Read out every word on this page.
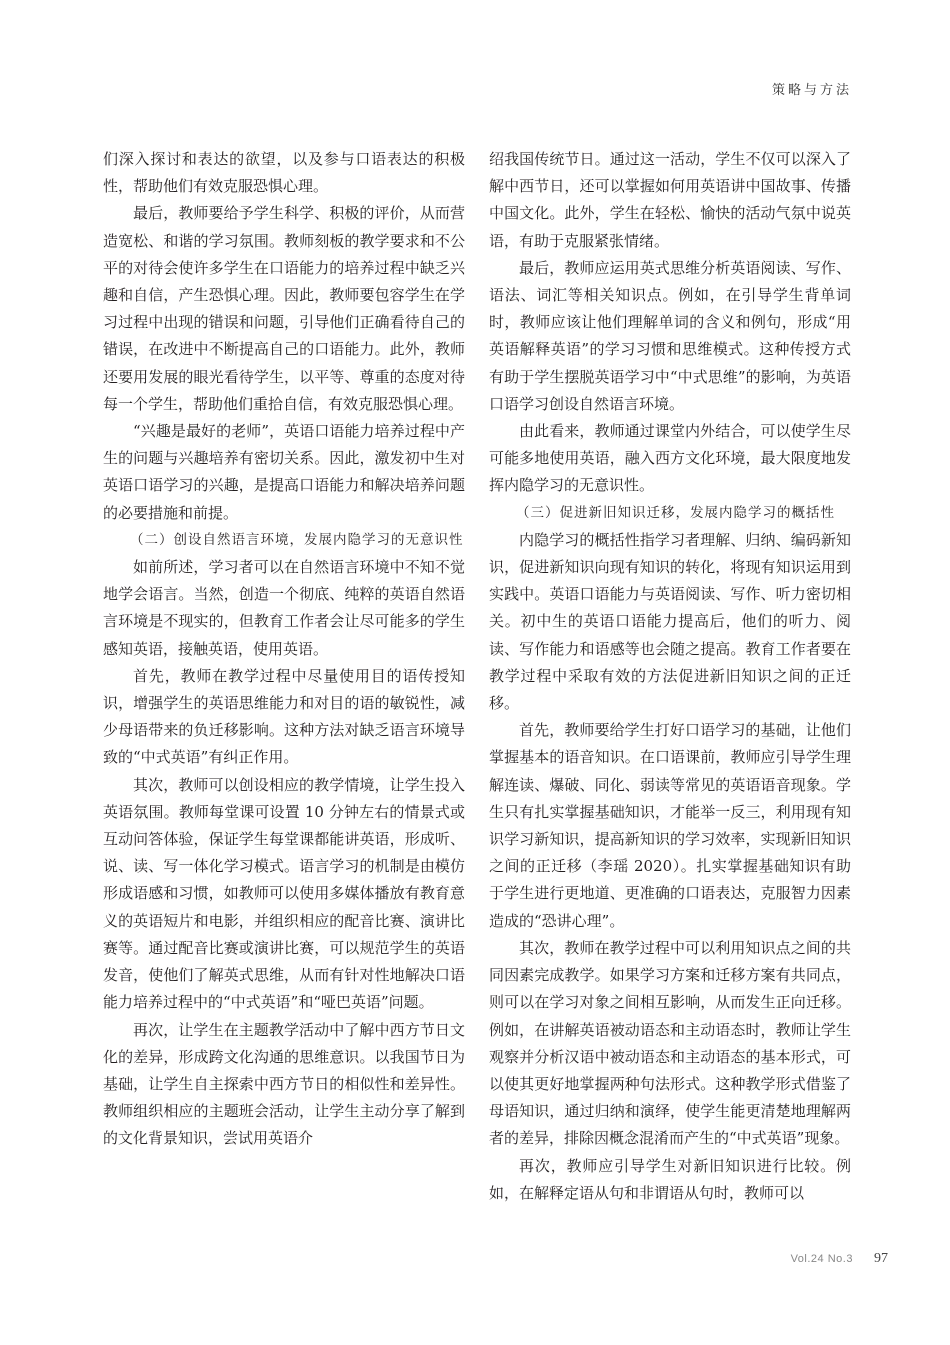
策略与方法

们深入探讨和表达的欲望，以及参与口语表达的积极性，帮助他们有效克服恐惧心理。

最后，教师要给予学生科学、积极的评价，从而营造宽松、和谐的学习氛围。教师刻板的教学要求和不公平的对待会使许多学生在口语能力的培养过程中缺乏兴趣和自信，产生恐惧心理。因此，教师要包容学生在学习过程中出现的错误和问题，引导他们正确看待自己的错误，在改进中不断提高自己的口语能力。此外，教师还要用发展的眼光看待学生，以平等、尊重的态度对待每一个学生，帮助他们重拾自信，有效克服恐惧心理。

“兴趣是最好的老师”，英语口语能力培养过程中产生的问题与兴趣培养有密切关系。因此，激发初中生对英语口语学习的兴趣，是提高口语能力和解决培养问题的必要措施和前提。

（二）创设自然语言环境，发展内隐学习的无意识性

如前所述，学习者可以在自然语言环境中不知不觉地学会语言。当然，创造一个彻底、纯粹的英语自然语言环境是不现实的，但教育工作者会让尽可能多的学生感知英语，接触英语，使用英语。

首先，教师在教学过程中尽量使用目的语传授知识，增强学生的英语思维能力和对目的语的敏锐性，减少母语带来的负迁移影响。这种方法对缺乏语言环境导致的“中式英语”有纠正作用。

其次，教师可以创设相应的教学情境，让学生投入英语氛围。教师每堂课可设置 10 分钟左右的情景式或互动问答体验，保证学生每堂课都能讲英语，形成听、说、读、写一体化学习模式。语言学习的机制是由模仿形成语感和习惯，如教师可以使用多媒体播放有教育意义的英语短片和电影，并组织相应的配音比赛、演讲比赛等。通过配音比赛或演讲比赛，可以规范学生的英语发音，使他们了解英式思维，从而有针对性地解决口语能力培养过程中的“中式英语”和“哑巴英语”问题。

再次，让学生在主题教学活动中了解中西方节日文化的差异，形成跨文化沟通的思维意识。以我国节日为基础，让学生自主探索中西方节日的相似性和差异性。教师组织相应的主题班会活动，让学生主动分享了解到的文化背景知识，尝试用英语介

绍我国传统节日。通过这一活动，学生不仅可以深入了解中西节日，还可以掌握如何用英语讲中国故事、传播中国文化。此外，学生在轻松、愉快的活动气氛中说英语，有助于克服紧张情绪。

最后，教师应运用英式思维分析英语阅读、写作、语法、词汇等相关知识点。例如，在引导学生背单词时，教师应该让他们理解单词的含义和例句，形成“用英语解释英语”的学习习惯和思维模式。这种传授方式有助于学生摆脱英语学习中“中式思维”的影响，为英语口语学习创设自然语言环境。

由此看来，教师通过课堂内外结合，可以使学生尽可能多地使用英语，融入西方文化环境，最大限度地发挥内隐学习的无意识性。

（三）促进新旧知识迁移，发展内隐学习的概括性

内隐学习的概括性指学习者理解、归纳、编码新知识，促进新知识向现有知识的转化，将现有知识运用到实践中。英语口语能力与英语阅读、写作、听力密切相关。初中生的英语口语能力提高后，他们的听力、阅读、写作能力和语感等也会随之提高。教育工作者要在教学过程中采取有效的方法促进新旧知识之间的正迁移。

首先，教师要给学生打好口语学习的基础，让他们掌握基本的语音知识。在口语课前，教师应引导学生理解连读、爆破、同化、弱读等常见的英语语音现象。学生只有扎实掌握基础知识，才能举一反三，利用现有知识学习新知识，提高新知识的学习效率，实现新旧知识之间的正迁移（李瑶 2020）。扎实掌握基础知识有助于学生进行更地道、更准确的口语表达，克服智力因素造成的“恐讲心理”。

其次，教师在教学过程中可以利用知识点之间的共同因素完成教学。如果学习方案和迁移方案有共同点，则可以在学习对象之间相互影响，从而发生正向迁移。例如，在讲解英语被动语态和主动语态时，教师让学生观察并分析汉语中被动语态和主动语态的基本形式，可以使其更好地掌握两种句法形式。这种教学形式借鉴了母语知识，通过归纳和演绎，使学生能更清楚地理解两者的差异，排除因概念混淆而产生的“中式英语”现象。

再次，教师应引导学生对新旧知识进行比较。例如，在解释定语从句和非谓语从句时，教师可以

Vol.24 No.3 97
